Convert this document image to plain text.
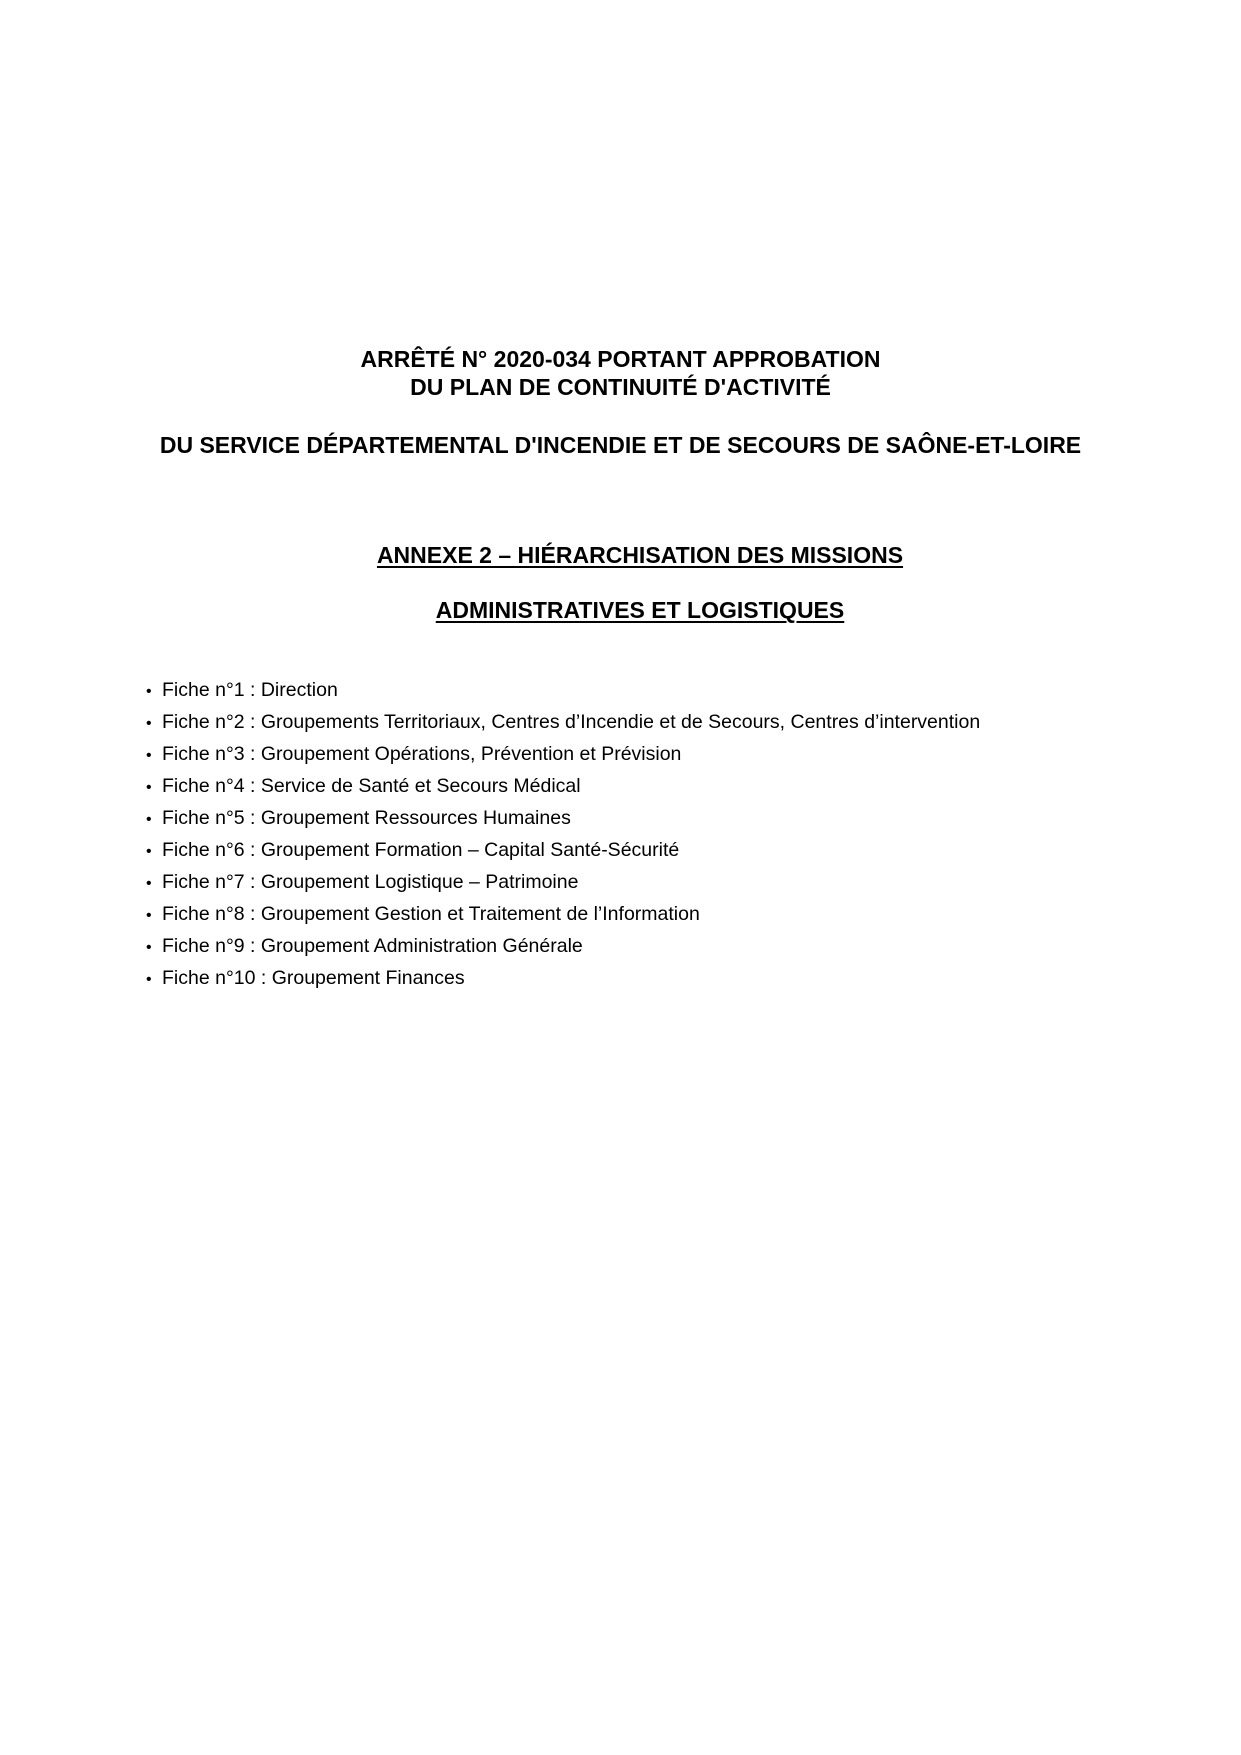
ARRÊTÉ N° 2020-034 PORTANT APPROBATION
DU PLAN DE CONTINUITÉ D'ACTIVITÉ
DU SERVICE DÉPARTEMENTAL D'INCENDIE ET DE SECOURS DE SAÔNE-ET-LOIRE
ANNEXE 2 – HIÉRARCHISATION DES MISSIONS
ADMINISTRATIVES ET LOGISTIQUES
• Fiche n°1 : Direction
• Fiche n°2 : Groupements Territoriaux, Centres d’Incendie et de Secours, Centres d’intervention
• Fiche n°3 : Groupement Opérations, Prévention et Prévision
• Fiche n°4 : Service de Santé et Secours Médical
• Fiche n°5 : Groupement Ressources Humaines
• Fiche n°6 : Groupement Formation – Capital Santé-Sécurité
• Fiche n°7 : Groupement Logistique – Patrimoine
• Fiche n°8 : Groupement Gestion et Traitement de l’Information
• Fiche n°9 : Groupement Administration Générale
• Fiche n°10 : Groupement Finances
